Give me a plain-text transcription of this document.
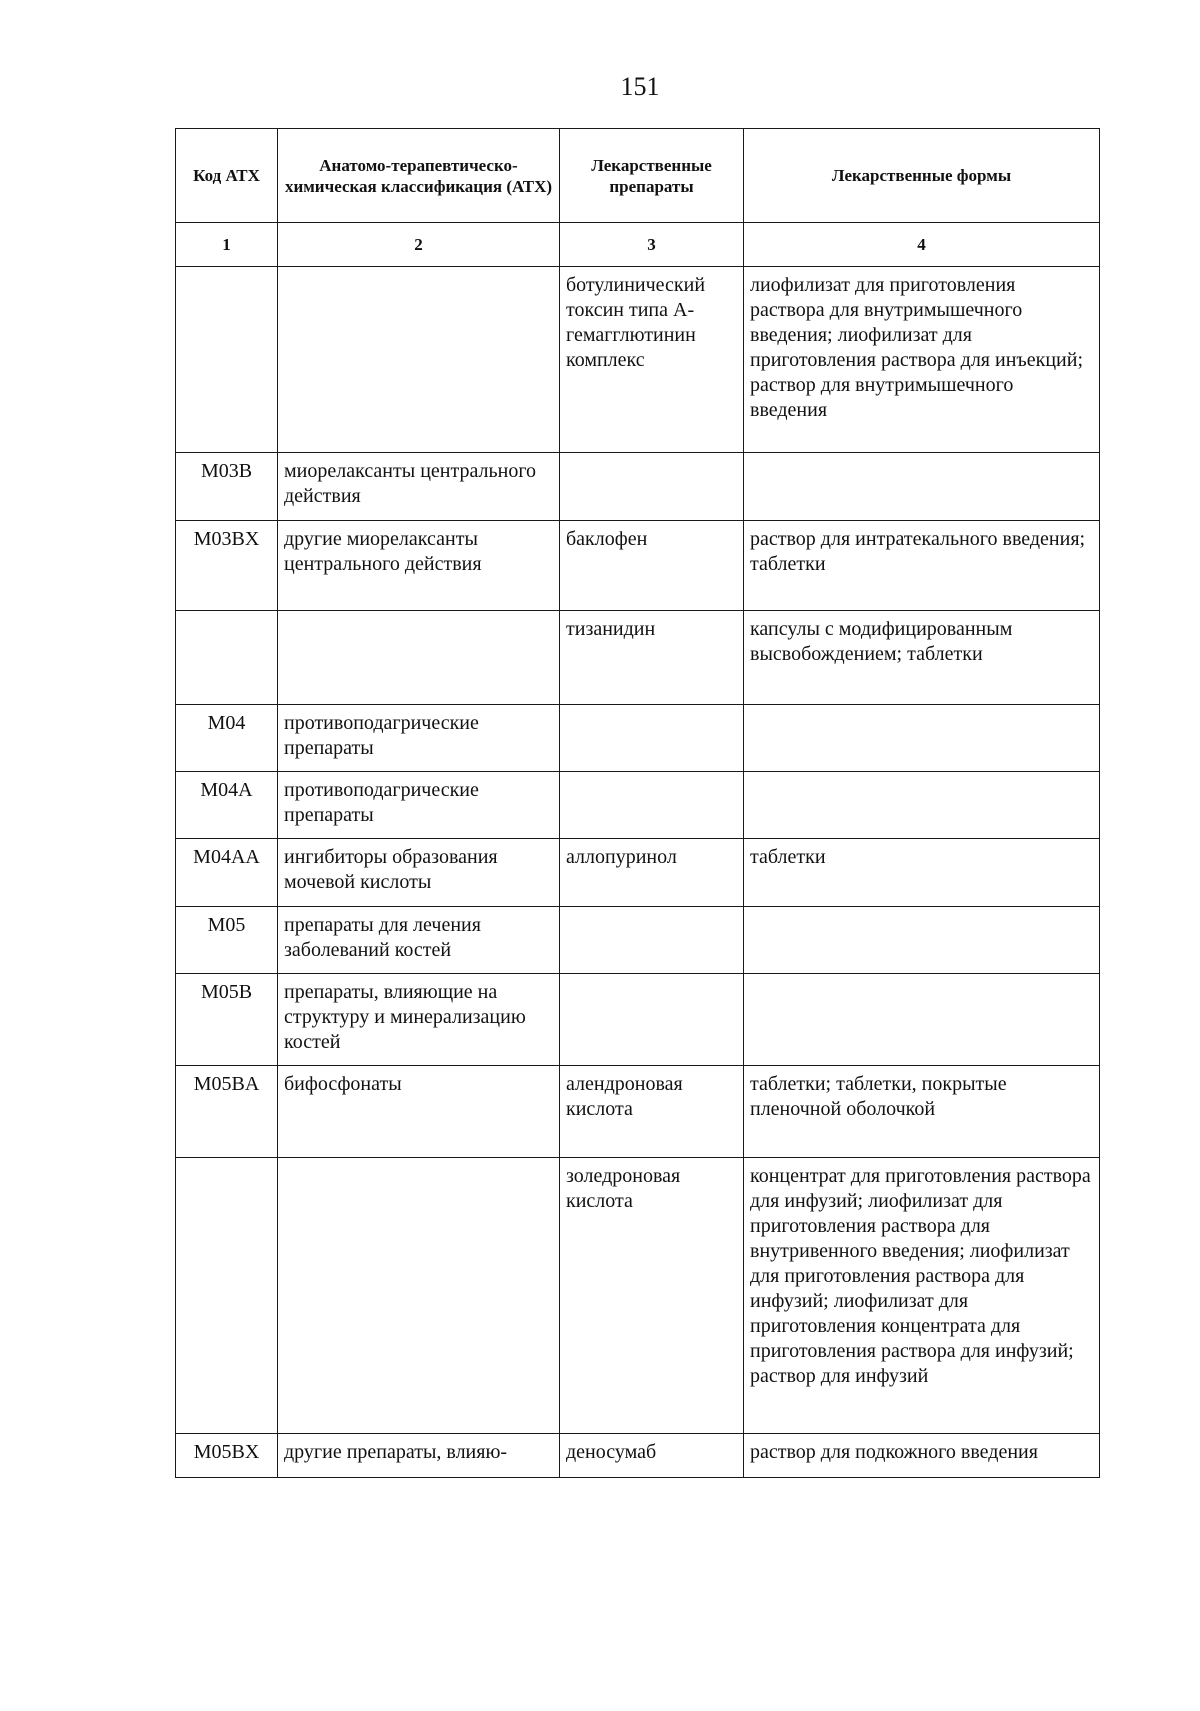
151
Код АТХ	Анатомо-терапевтическо-химическая классификация (АТХ)	Лекарственные препараты	Лекарственные формы
1	2	3	4
		ботулинический токсин типа A-гемагглютинин комплекс	лиофилизат для приготовления раствора для внутримышечного введения; лиофилизат для приготовления раствора для инъекций; раствор для внутримышечного введения
M03B	миорелаксанты центрального действия		
M03BX	другие миорелаксанты центрального действия	баклофен	раствор для интратекального введения; таблетки
		тизанидин	капсулы с модифицированным высвобождением; таблетки
M04	противоподагрические препараты		
M04A	противоподагрические препараты		
M04AA	ингибиторы образования мочевой кислоты	аллопуринол	таблетки
M05	препараты для лечения заболеваний костей		
M05B	препараты, влияющие на структуру и минерализацию костей		
M05BA	бифосфонаты	алендроновая кислота	таблетки; таблетки, покрытые пленочной оболочкой
		золедроновая кислота	концентрат для приготовления раствора для инфузий; лиофилизат для приготовления раствора для внутривенного введения; лиофилизат для приготовления раствора для инфузий; лиофилизат для приготовления концентрата для приготовления раствора для инфузий; раствор для инфузий
M05BX	другие препараты, влияю-	деносумаб	раствор для подкожного введения
